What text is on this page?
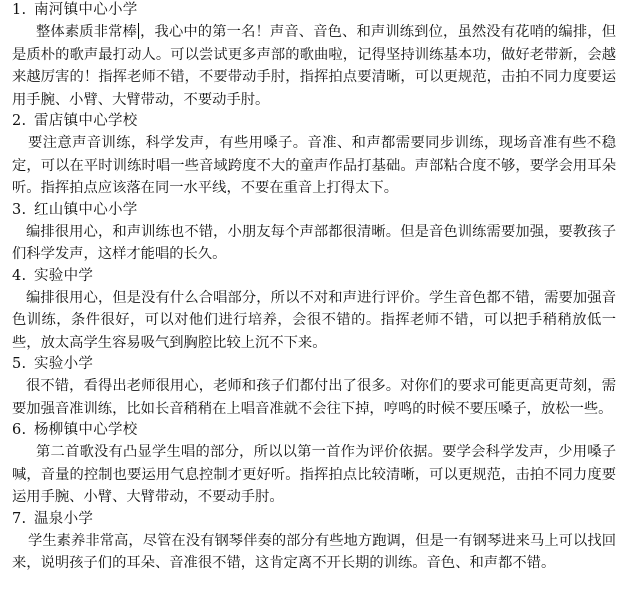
1. 南河镇中心小学

整体素质非常棒 ，我心中的第一名！声音、音色、和声训练到位，虽然没有花哨的编排，但是质朴的歌声最打动人。可以尝试更多声部的歌曲啦，记得坚持训练基本功，做好老带新，会越来越厉害的！指挥老师不错，不要带动手肘，指挥拍点要清晰，可以更规范，击拍不同力度要运用手腕、小臂、大臂带动，不要动手肘。

2. 雷店镇中心学校

要注意声音训练，科学发声，有些用嗓子。音准、和声都需要同步训练，现场音准有些不稳定，可以在平时训练时唱一些音域跨度不大的童声作品打基础。声部粘合度不够，要学会用耳朵听。指挥拍点应该落在同一水平线，不要在重音上打得太下。

3. 红山镇中心小学

编排很用心，和声训练也不错，小朋友每个声部都很清晰。但是音色训练需要加强，要教孩子们科学发声，这样才能唱的长久。

4. 实验中学

编排很用心，但是没有什么合唱部分，所以不对和声进行评价。学生音色都不错，需要加强音色训练，条件很好，可以对他们进行培养，会很不错的。指挥老师不错，可以把手稍稍放低一些，放太高学生容易吸气到胸腔比较上沉不下来。

5. 实验小学

很不错，看得出老师很用心，老师和孩子们都付出了很多。对你们的要求可能更高更苛刻，需要加强音准训练，比如长音稍稍在上唱音准就不会往下掉，哼鸣的时候不要压嗓子，放松一些。

6. 杨柳镇中心学校

第二首歌没有凸显学生唱的部分，所以以第一首作为评价依据。要学会科学发声，少用嗓子喊，音量的控制也要运用气息控制才更好听。指挥拍点比较清晰，可以更规范，击拍不同力度要运用手腕、小臂、大臂带动，不要动手肘。

7. 温泉小学

学生素养非常高，尽管在没有钢琴伴奏的部分有些地方跑调，但是一有钢琴进来马上可以找回来，说明孩子们的耳朵、音准很不错，这肯定离不开长期的训练。音色、和声都不错。
